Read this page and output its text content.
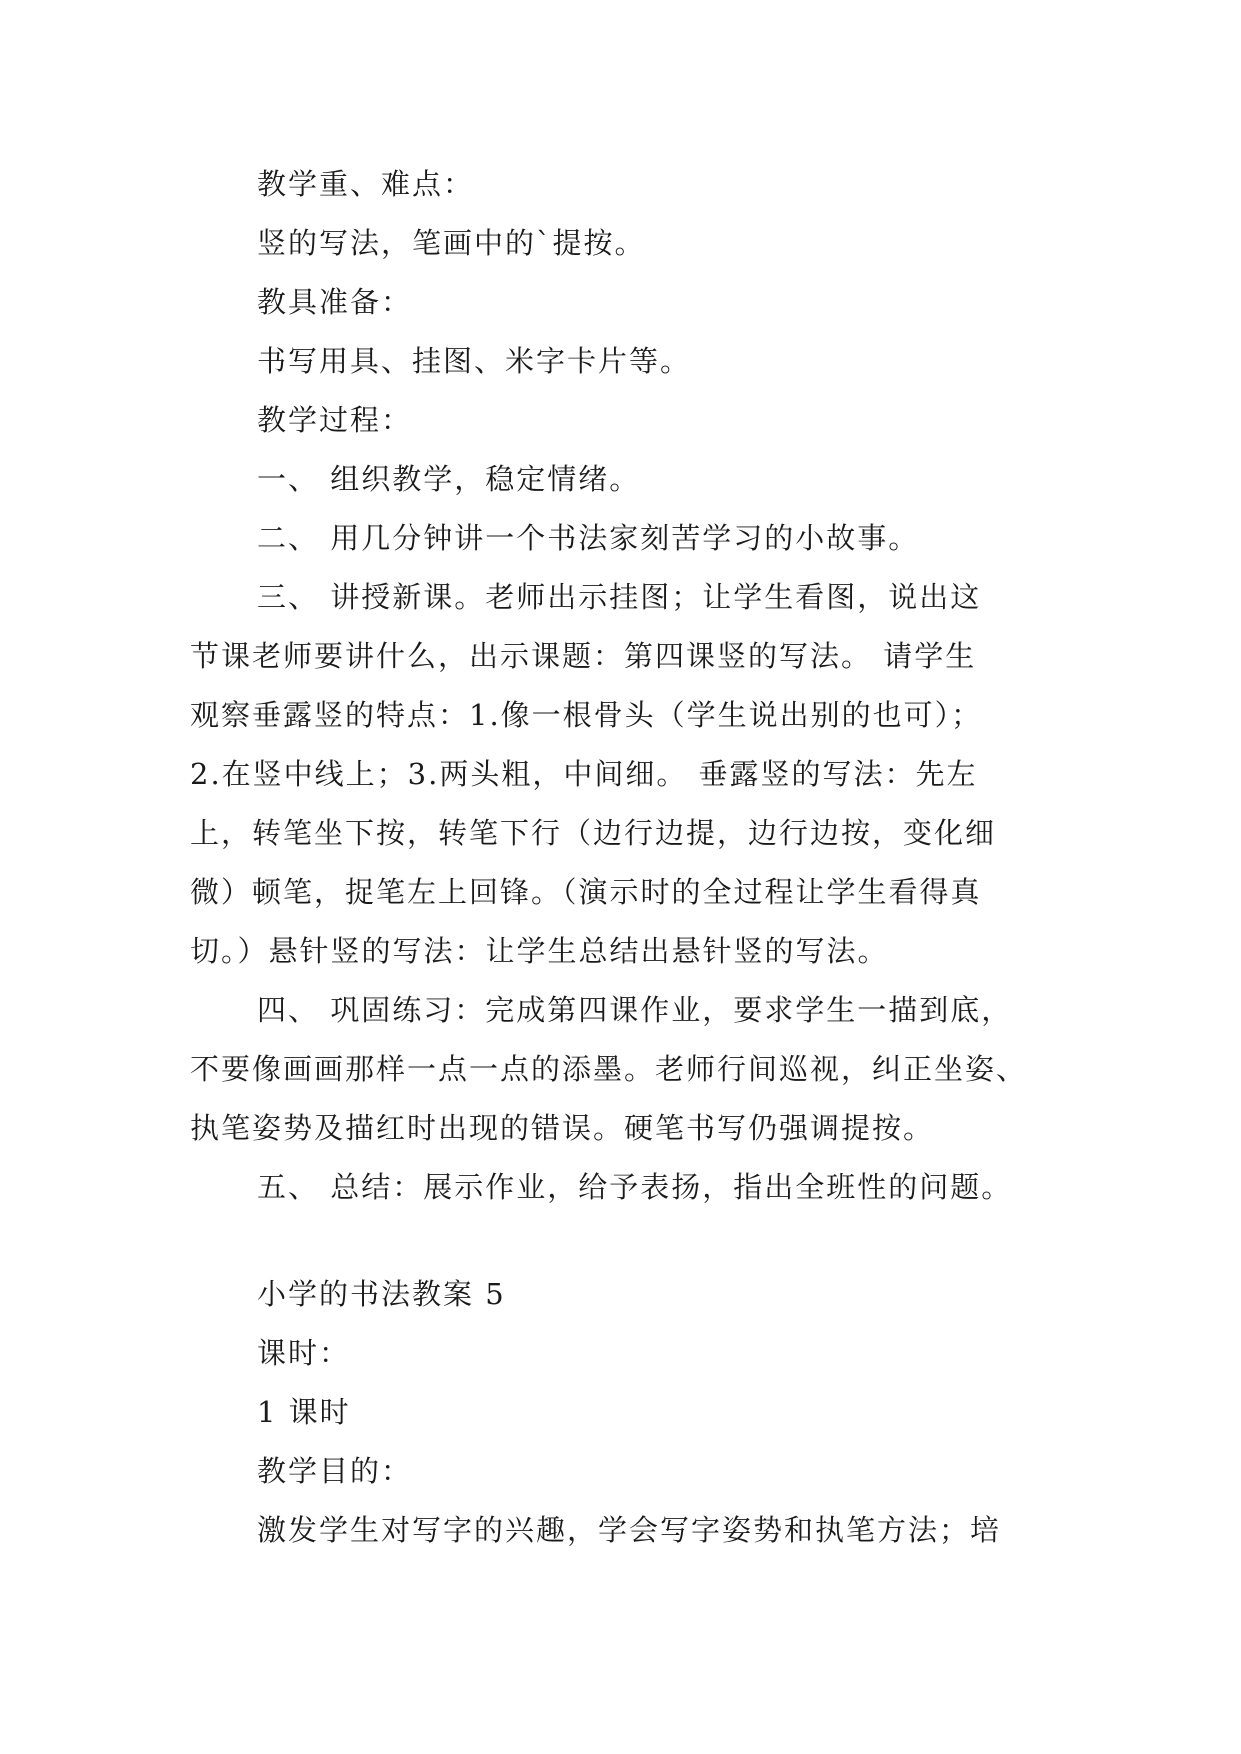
教学重、难点：
竖的写法，笔画中的`提按。
教具准备：
书写用具、挂图、米字卡片等。
教学过程：
一、 组织教学，稳定情绪。
二、 用几分钟讲一个书法家刻苦学习的小故事。
三、 讲授新课。老师出示挂图；让学生看图，说出这
节课老师要讲什么，出示课题：第四课竖的写法。 请学生
观察垂露竖的特点：1.像一根骨头（学生说出别的也可）；
2.在竖中线上；3.两头粗，中间细。 垂露竖的写法：先左
上，转笔坐下按，转笔下行（边行边提，边行边按，变化细
微）顿笔，捉笔左上回锋。（演示时的全过程让学生看得真
切。）悬针竖的写法：让学生总结出悬针竖的写法。
四、 巩固练习：完成第四课作业，要求学生一描到底，
不要像画画那样一点一点的添墨。老师行间巡视，纠正坐姿、
执笔姿势及描红时出现的错误。硬笔书写仍强调提按。
五、 总结：展示作业，给予表扬，指出全班性的问题。
小学的书法教案 5
课时：
1 课时
教学目的：
激发学生对写字的兴趣，学会写字姿势和执笔方法；培
